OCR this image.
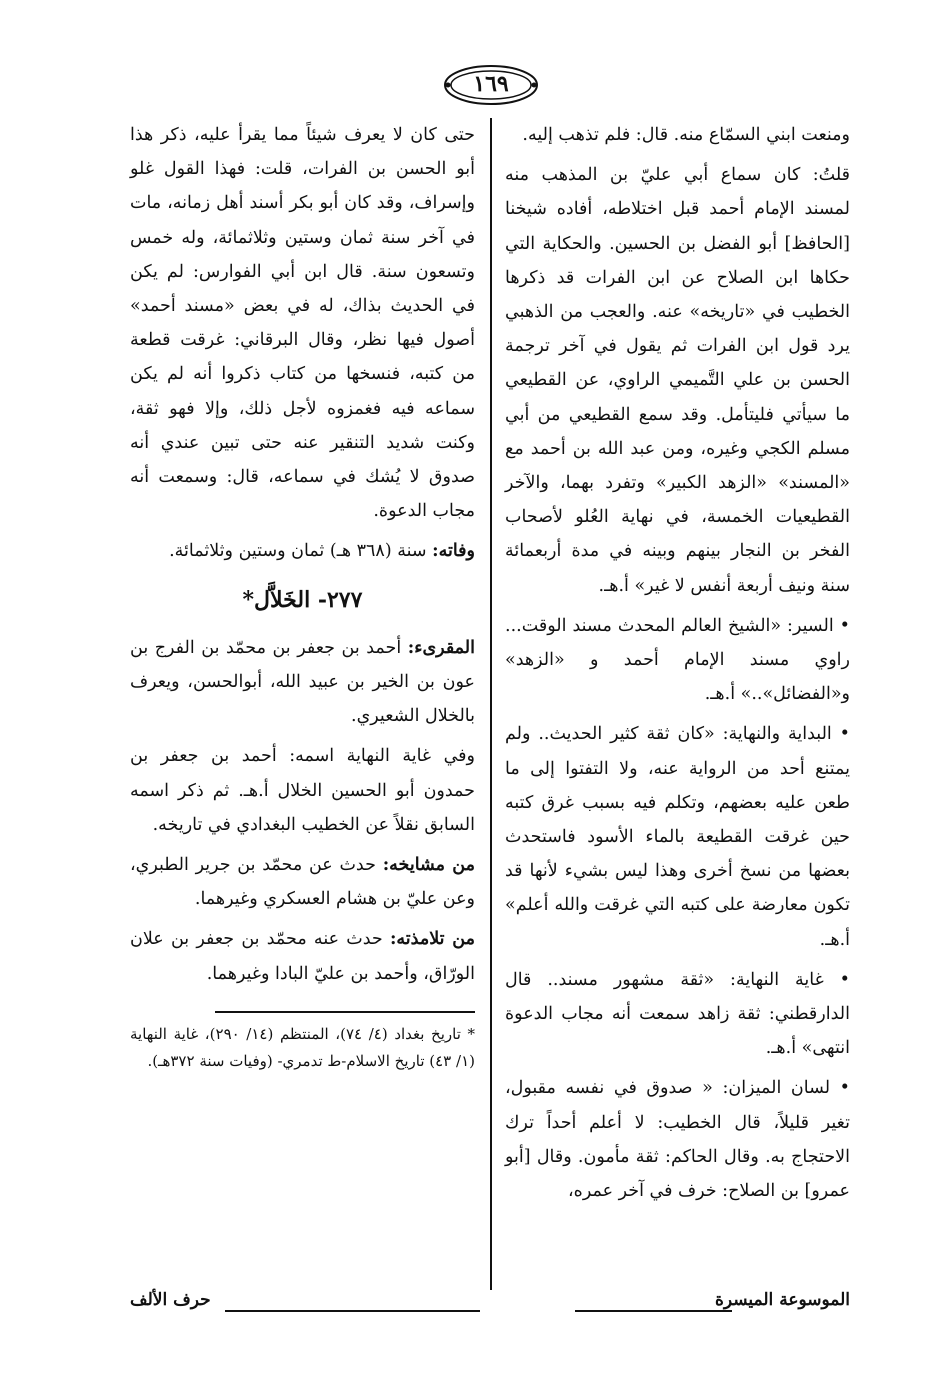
١٦٩

ومنعت ابني السمّاع منه. قال: فلم تذهب إليه.

قلتُ: كان سماع أبي عليّ بن المذهب منه لمسند الإمام أحمد قبل اختلاطه، أفاده شيخنا [الحافظ] أبو الفضل بن الحسين. والحكاية التي حكاها ابن الصلاح عن ابن الفرات قد ذكرها الخطيب في «تاريخه» عنه. والعجب من الذهبي يرد قول ابن الفرات ثم يقول في آخر ترجمة الحسن بن علي التَّميمي الراوي، عن القطيعي ما سيأتي فليتأمل. وقد سمع القطيعي من أبي مسلم الكجي وغيره، ومن عبد الله بن أحمد مع «المسند» «الزهد الكبير» وتفرد بهما، والآخر القطيعيات الخمسة، في نهاية العُلو لأصحاب الفخر بن النجار بينهم وبينه في مدة أربعمائة سنة ونيف أربعة أنفس لا غير» أ.هـ.

• السير: «الشيخ العالم المحدث مسند الوقت... راوي مسند الإمام أحمد و «الزهد» و«الفضائل»..» أ.هـ.

• البداية والنهاية: «كان ثقة كثير الحديث.. ولم يمتنع أحد من الرواية عنه، ولا التفتوا إلى ما طعن عليه بعضهم، وتكلم فيه بسبب غرق كتبه حين غرقت القطيعة بالماء الأسود فاستحدث بعضها من نسخ أخرى وهذا ليس بشيء لأنها قد تكون معارضة على كتبه التي غرقت والله أعلم» أ.هـ.

• غاية النهاية: «ثقة مشهور مسند.. قال الدارقطني: ثقة زاهد سمعت أنه مجاب الدعوة انتهى» أ.هـ.

• لسان الميزان: « صدوق في نفسه مقبول، تغير قليلاً، قال الخطيب: لا أعلم أحداً ترك الاحتجاج به. وقال الحاكم: ثقة مأمون. وقال [أبو عمرو] بن الصلاح: خرف في آخر عمره،

حتى كان لا يعرف شيئاً مما يقرأ عليه، ذكر هذا أبو الحسن بن الفرات، قلت: فهذا القول غلو وإسراف، وقد كان أبو بكر أسند أهل زمانه، مات في آخر سنة ثمان وستين وثلاثمائة، وله خمس وتسعون سنة. قال ابن أبي الفوارس: لم يكن في الحديث بذاك، له في بعض «مسند أحمد» أصول فيها نظر، وقال البرقاني: غرقت قطعة من كتبه، فنسخها من كتاب ذكروا أنه لم يكن سماعه فيه فغمزوه لأجل ذلك، وإلا فهو ثقة، وكنت شديد التنقير عنه حتى تبين عندي أنه صدوق لا يُشك في سماعه، قال: وسمعت أنه مجاب الدعوة.

وفاته: سنة (٣٦٨ هـ) ثمان وستين وثلاثمائة.

٢٧٧- الخَلاَّل*

المقرىء: أحمد بن جعفر بن محمّد بن الفرج بن عون بن الخير بن عبيد الله، أبوالحسن، ويعرف بالخلال الشعيري.

وفي غاية النهاية اسمه: أحمد بن جعفر بن حمدون أبو الحسين الخلال أ.هـ. ثم ذكر اسمه السابق نقلاً عن الخطيب البغدادي في تاريخه.

من مشايخه: حدث عن محمّد بن جرير الطبري، وعن عليّ بن هشام العسكري وغيرهما.

من تلامذته: حدث عنه محمّد بن جعفر بن علان الورّاق، وأحمد بن عليّ البادا وغيرهما.

* تاريخ بغداد (٤/ ٧٤)، المنتظم (١٤/ ٢٩٠)، غاية النهاية (١/ ٤٣) تاريخ الاسلام-ط تدمري- (وفيات سنة ٣٧٢هـ).

الموسوعة الميسرة
حرف الألف
